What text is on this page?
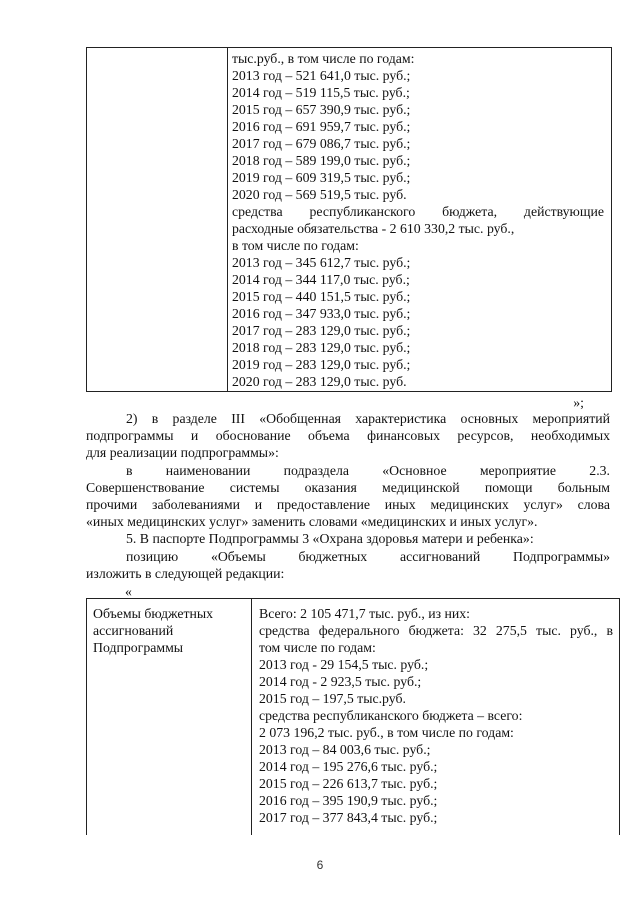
тыс.руб., в том числе по годам:
2013 год – 521 641,0 тыс. руб.;
2014 год – 519 115,5 тыс. руб.;
2015 год – 657 390,9 тыс. руб.;
2016 год – 691 959,7 тыс. руб.;
2017 год – 679 086,7 тыс. руб.;
2018 год – 589 199,0 тыс. руб.;
2019 год – 609 319,5 тыс. руб.;
2020 год – 569 519,5 тыс. руб.
средства республиканского бюджета, действующие
расходные обязательства - 2 610 330,2 тыс. руб.,
в том числе по годам:
2013 год – 345 612,7 тыс. руб.;
2014 год – 344 117,0 тыс. руб.;
2015 год – 440 151,5 тыс. руб.;
2016 год – 347 933,0 тыс. руб.;
2017 год – 283 129,0 тыс. руб.;
2018 год – 283 129,0 тыс. руб.;
2019 год – 283 129,0 тыс. руб.;
2020 год – 283 129,0 тыс. руб.
»;
2) в разделе III «Обобщенная характеристика основных мероприятий
подпрограммы и обоснование объема финансовых ресурсов, необходимых
для реализации подпрограммы»:
в наименовании подраздела «Основное мероприятие 2.3.
Совершенствование системы оказания медицинской помощи больным
прочими заболеваниями и предоставление иных медицинских услуг» слова
«иных медицинских услуг» заменить словами «медицинских и иных услуг».
5. В паспорте Подпрограммы 3 «Охрана здоровья матери и ребенка»:
позицию «Объемы бюджетных ассигнований Подпрограммы»
изложить в следующей редакции:
«
Объемы бюджетных
ассигнований
Подпрограммы
Всего: 2 105 471,7 тыс. руб., из них:
средства федерального бюджета: 32 275,5 тыс. руб., в
том числе по годам:
2013 год - 29 154,5 тыс. руб.;
2014 год - 2 923,5 тыс. руб.;
2015 год – 197,5 тыс.руб.
средства республиканского бюджета – всего:
2 073 196,2 тыс. руб., в том числе по годам:
2013 год – 84 003,6 тыс. руб.;
2014 год – 195 276,6 тыс. руб.;
2015 год – 226 613,7 тыс. руб.;
2016 год – 395 190,9 тыс. руб.;
2017 год – 377 843,4 тыс. руб.;
6
